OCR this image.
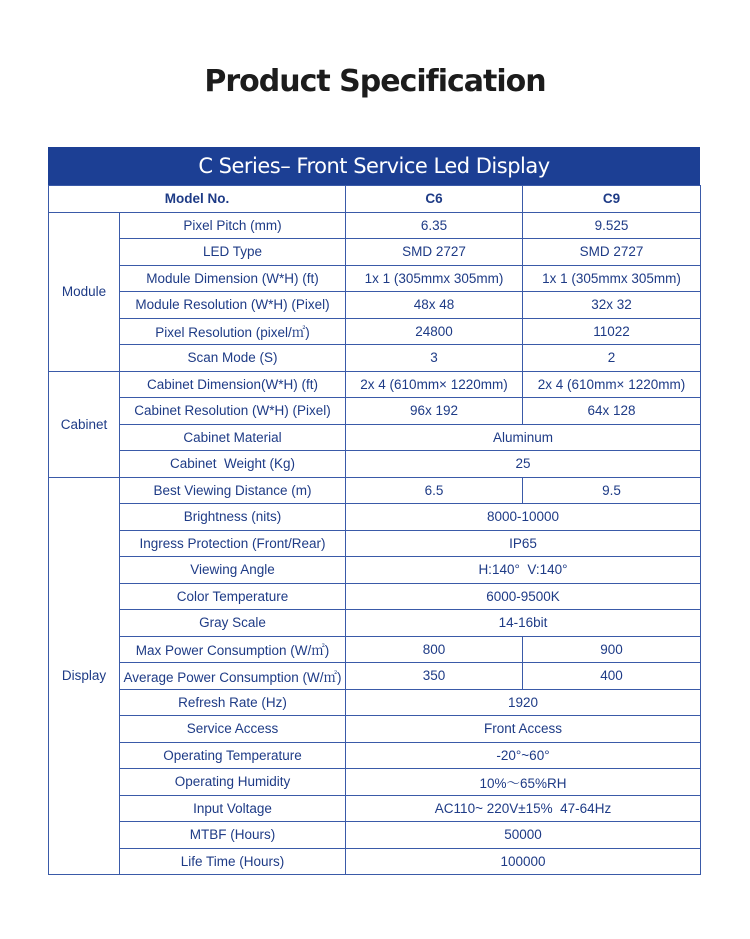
Product Specification
C Series– Front Service Led Display
Model No.		C6	C9
Module	Pixel Pitch (mm)	6.35	9.525
	LED Type	SMD 2727	SMD 2727
	Module Dimension (W*H) (ft)	1x 1 (305mmx 305mm)	1x 1 (305mmx 305mm)
	Module Resolution (W*H) (Pixel)	48x 48	32x 32
	Pixel Resolution (pixel/㎡)	24800	11022
	Scan Mode (S)	3	2
Cabinet	Cabinet Dimension(W*H) (ft)	2x 4 (610mm× 1220mm)	2x 4 (610mm× 1220mm)
	Cabinet Resolution (W*H) (Pixel)	96x 192	64x 128
	Cabinet Material	Aluminum	
	Cabinet  Weight (Kg)	25	
Display	Best Viewing Distance (m)	6.5	9.5
	Brightness (nits)	8000-10000	
	Ingress Protection (Front/Rear)	IP65	
	Viewing Angle	H:140°  V:140°	
	Color Temperature	6000-9500K	
	Gray Scale	14-16bit	
	Max Power Consumption (W/㎡)	800	900
	Average Power Consumption (W/㎡)	350	400
	Refresh Rate (Hz)	1920	
	Service Access	Front Access	
	Operating Temperature	-20°~60°	
	Operating Humidity	10%～65%RH	
	Input Voltage	AC110~ 220V±15%  47-64Hz	
	MTBF (Hours)	50000	
	Life Time (Hours)	100000	
